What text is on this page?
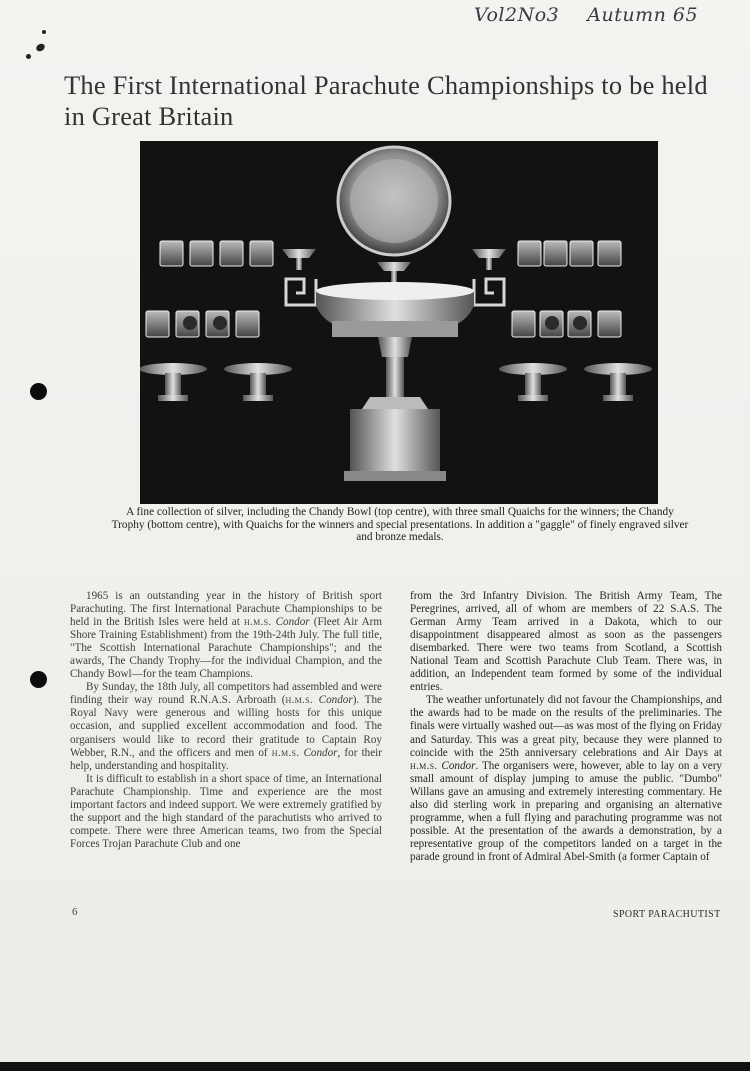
Vol2No3 Autumn 65
The First International Parachute Championships to be held in Great Britain
A fine collection of silver, including the Chandy Bowl (top centre), with three small Quaichs for the winners; the Chandy Trophy (bottom centre), with Quaichs for the winners and special presentations. In addition a "gaggle" of finely engraved silver and bronze medals.

1965 is an outstanding year in the history of British sport Parachuting. The first International Parachute Championships to be held in the British Isles were held at h.m.s. Condor (Fleet Air Arm Shore Training Establishment) from the 19th-24th July. The full title, "The Scottish International Parachute Championships"; and the awards, The Chandy Trophy—for the individual Champion, and the Chandy Bowl—for the team Champions.

By Sunday, the 18th July, all competitors had assembled and were finding their way round R.N.A.S. Arbroath (h.m.s. Condor). The Royal Navy were generous and willing hosts for this unique occasion, and supplied excellent accommodation and food. The organisers would like to record their gratitude to Captain Roy Webber, R.N., and the officers and men of h.m.s. Condor, for their help, understanding and hospitality.

It is difficult to establish in a short space of time, an International Parachute Championship. Time and experience are the most important factors and indeed support. We were extremely gratified by the support and the high standard of the parachutists who arrived to compete. There were three American teams, two from the Special Forces Trojan Parachute Club and one

from the 3rd Infantry Division. The British Army Team, The Peregrines, arrived, all of whom are members of 22 S.A.S. The German Army Team arrived in a Dakota, which to our disappointment disappeared almost as soon as the passengers disembarked. There were two teams from Scotland, a Scottish National Team and Scottish Parachute Club Team. There was, in addition, an Independent team formed by some of the individual entries.

The weather unfortunately did not favour the Championships, and the awards had to be made on the results of the preliminaries. The finals were virtually washed out—as was most of the flying on Friday and Saturday. This was a great pity, because they were planned to coincide with the 25th anniversary celebrations and Air Days at h.m.s. Condor. The organisers were, however, able to lay on a very small amount of display jumping to amuse the public. "Dumbo" Willans gave an amusing and extremely interesting commentary. He also did sterling work in preparing and organising an alternative programme, when a full flying and parachuting programme was not possible. At the presentation of the awards a demonstration, by a representative group of the competitors landed on a target in the parade ground in front of Admiral Abel-Smith (a former Captain of

6	SPORT PARACHUTIST
